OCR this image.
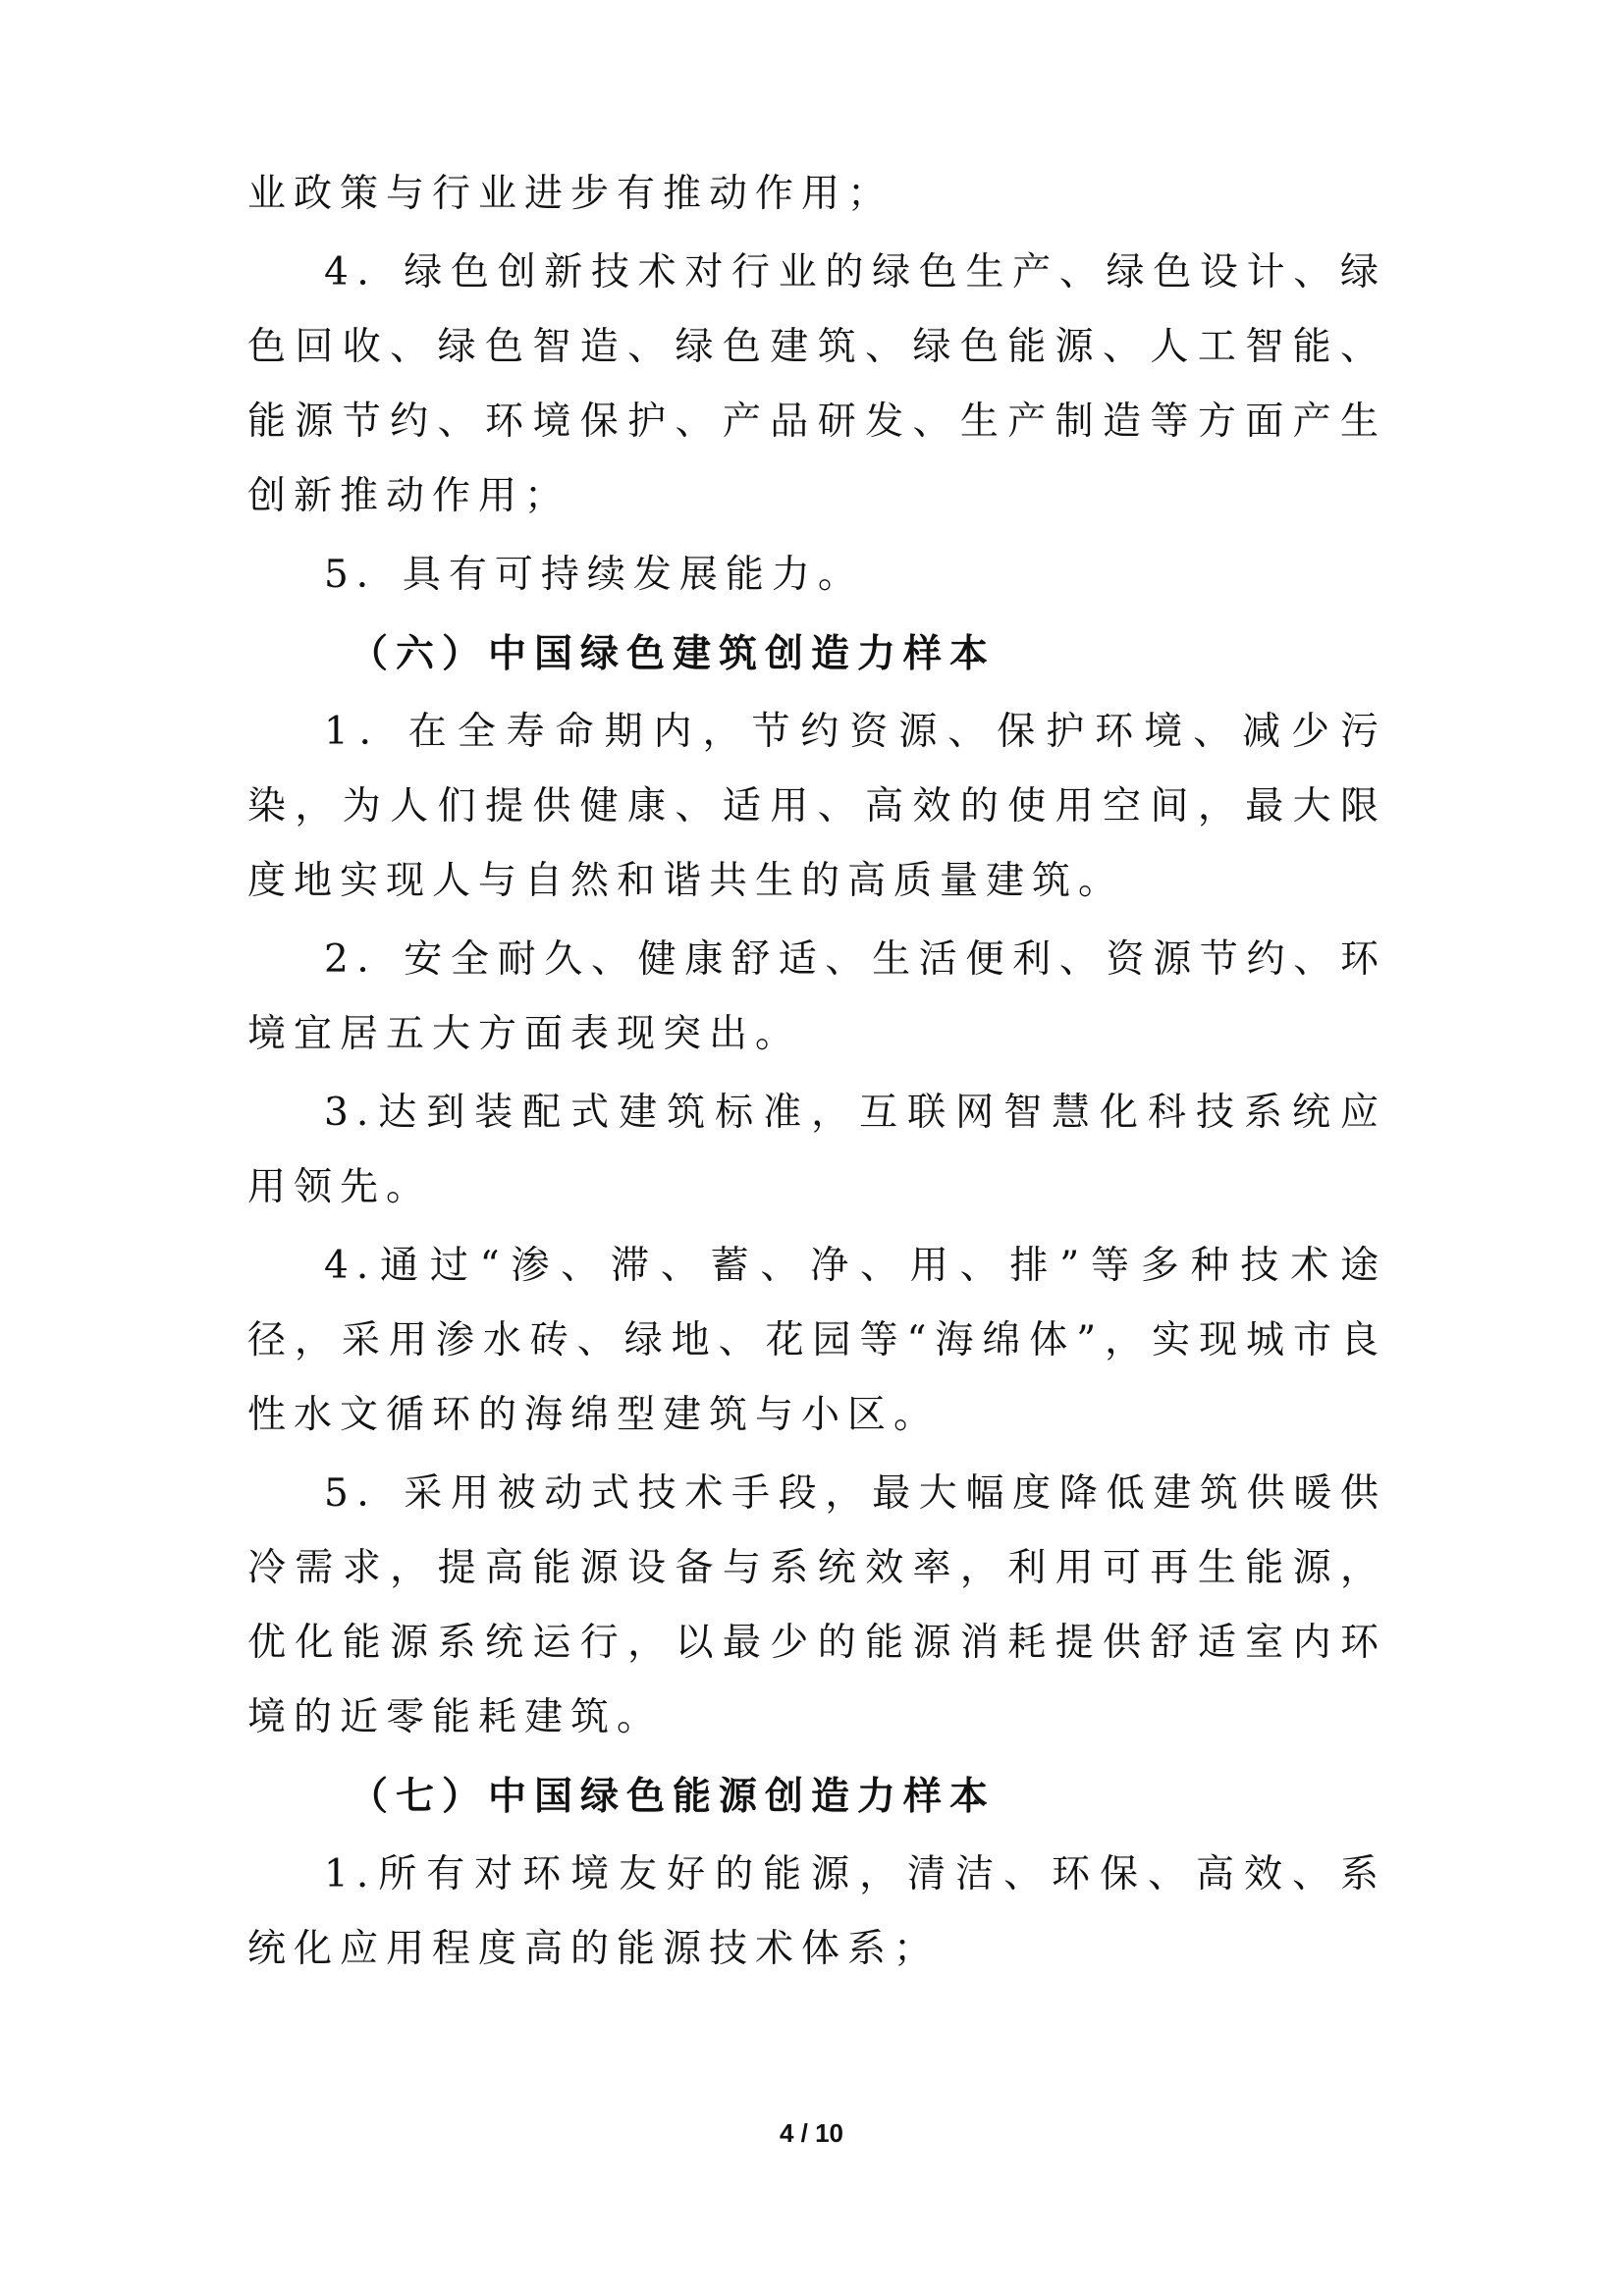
业政策与行业进步有推动作用；

4．绿色创新技术对行业的绿色生产、绿色设计、绿色回收、绿色智造、绿色建筑、绿色能源、人工智能、能源节约、环境保护、产品研发、生产制造等方面产生创新推动作用；

5．具有可持续发展能力。

（六）中国绿色建筑创造力样本

1．在全寿命期内，节约资源、保护环境、减少污染，为人们提供健康、适用、高效的使用空间，最大限度地实现人与自然和谐共生的高质量建筑。

2．安全耐久、健康舒适、生活便利、资源节约、环境宜居五大方面表现突出。

3.达到装配式建筑标准，互联网智慧化科技系统应用领先。

4.通过“渗、滞、蓄、净、用、排”等多种技术途径，采用渗水砖、绿地、花园等“海绵体”，实现城市良性水文循环的海绵型建筑与小区。

5．采用被动式技术手段，最大幅度降低建筑供暖供冷需求，提高能源设备与系统效率，利用可再生能源，优化能源系统运行，以最少的能源消耗提供舒适室内环境的近零能耗建筑。

（七）中国绿色能源创造力样本

1.所有对环境友好的能源，清洁、环保、高效、系统化应用程度高的能源技术体系；

4 / 10
